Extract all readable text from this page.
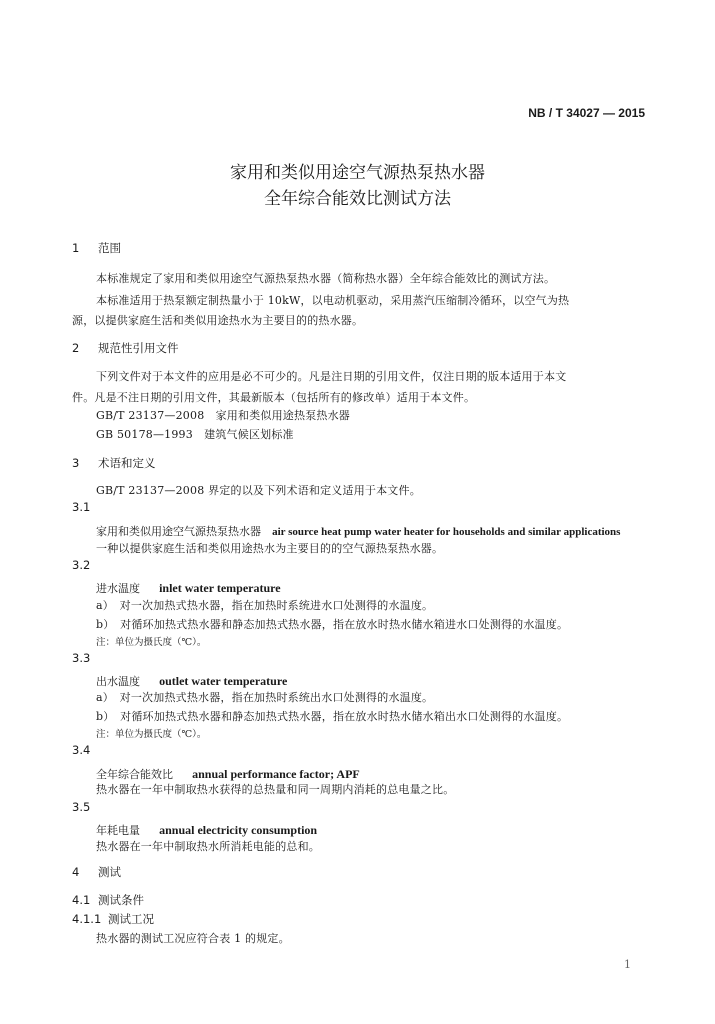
NB / T 34027 — 2015
家用和类似用途空气源热泵热水器
全年综合能效比测试方法
1 范围
本标准规定了家用和类似用途空气源热泵热水器（简称热水器）全年综合能效比的测试方法。
本标准适用于热泵额定制热量小于 10kW，以电动机驱动，采用蒸汽压缩制冷循环，以空气为热
源，以提供家庭生活和类似用途热水为主要目的的热水器。
2 规范性引用文件
下列文件对于本文件的应用是必不可少的。凡是注日期的引用文件，仅注日期的版本适用于本文
件。凡是不注日期的引用文件，其最新版本（包括所有的修改单）适用于本文件。
GB/T 23137—2008　家用和类似用途热泵热水器
GB 50178—1993　建筑气候区划标准
3 术语和定义
GB/T 23137—2008 界定的以及下列术语和定义适用于本文件。
3.1
家用和类似用途空气源热泵热水器 air source heat pump water heater for households and similar applications
一种以提供家庭生活和类似用途热水为主要目的的空气源热泵热水器。
3.2
进水温度 inlet water temperature
a）　对一次加热式热水器，指在加热时系统进水口处测得的水温度。
b）　对循环加热式热水器和静态加热式热水器，指在放水时热水储水箱进水口处测得的水温度。
注：单位为摄氏度（℃）。
3.3
出水温度 outlet water temperature
a）　对一次加热式热水器，指在加热时系统出水口处测得的水温度。
b）　对循环加热式热水器和静态加热式热水器，指在放水时热水储水箱出水口处测得的水温度。
注：单位为摄氏度（℃）。
3.4
全年综合能效比 annual performance factor; APF
热水器在一年中制取热水获得的总热量和同一周期内消耗的总电量之比。
3.5
年耗电量 annual electricity consumption
热水器在一年中制取热水所消耗电能的总和。
4 测试
4.1 测试条件
4.1.1 测试工况
热水器的测试工况应符合表 1 的规定。
1
